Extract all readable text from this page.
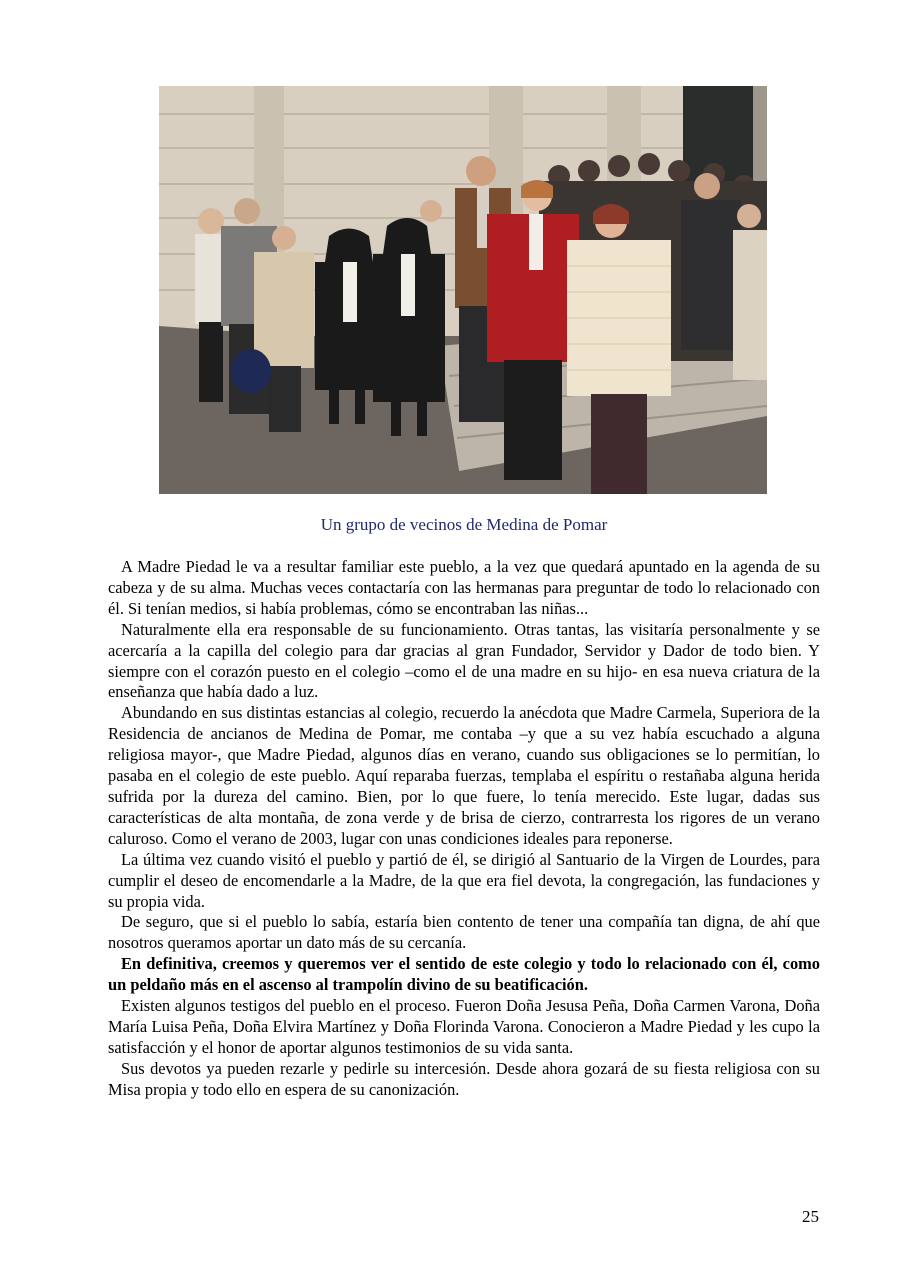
Un grupo de vecinos de Medina de Pomar

A Madre Piedad le va a resultar familiar este pueblo, a la vez que quedará apuntado en la agenda de su cabeza y de su alma. Muchas veces contactaría con las hermanas para preguntar de todo lo relacionado con él. Si tenían medios, si había problemas, cómo se encontraban las niñas...

Naturalmente ella era responsable de su funcionamiento. Otras tantas, las visitaría personalmente y se acercaría a la capilla del colegio para dar gracias al gran Fundador, Servidor y Dador de todo bien. Y siempre con el corazón puesto en el colegio –como el de una madre en su hijo- en esa nueva criatura de la enseñanza que había dado a luz.

Abundando en sus distintas estancias al colegio, recuerdo la anécdota que Madre Carmela, Superiora de la Residencia de ancianos de Medina de Pomar, me contaba –y que a su vez había escuchado a alguna religiosa mayor-, que Madre Piedad, algunos días en verano, cuando sus obligaciones se lo permitían, lo pasaba en el colegio de este pueblo. Aquí reparaba fuerzas, templaba el espíritu o restañaba alguna herida sufrida por la dureza del camino. Bien, por lo que fuere, lo tenía merecido. Este lugar, dadas sus características de alta montaña, de zona verde y de brisa de cierzo, contrarresta los rigores de un verano caluroso. Como el verano de 2003, lugar con unas condiciones ideales para reponerse.

La última vez cuando visitó el pueblo y partió de él, se dirigió al Santuario de la Virgen de Lourdes, para cumplir el deseo de encomendarle a la Madre, de la que era fiel devota, la congregación, las fundaciones y su propia vida.

De seguro, que si el pueblo lo sabía, estaría bien contento de tener una compañía tan digna, de ahí que nosotros queramos aportar un dato más de su cercanía.

En definitiva, creemos y queremos ver el sentido de este colegio y todo lo relacionado con él, como un peldaño más en el ascenso al trampolín divino de su beatificación.

Existen algunos testigos del pueblo en el proceso. Fueron Doña Jesusa Peña, Doña Carmen Varona, Doña María Luisa Peña, Doña Elvira Martínez y Doña Florinda Varona. Conocieron a Madre Piedad y les cupo la satisfacción y el honor de aportar algunos testimonios de su vida santa.

Sus devotos ya pueden rezarle y pedirle su intercesión. Desde ahora gozará de su fiesta religiosa con su Misa propia y todo ello en espera de su canonización.

25
